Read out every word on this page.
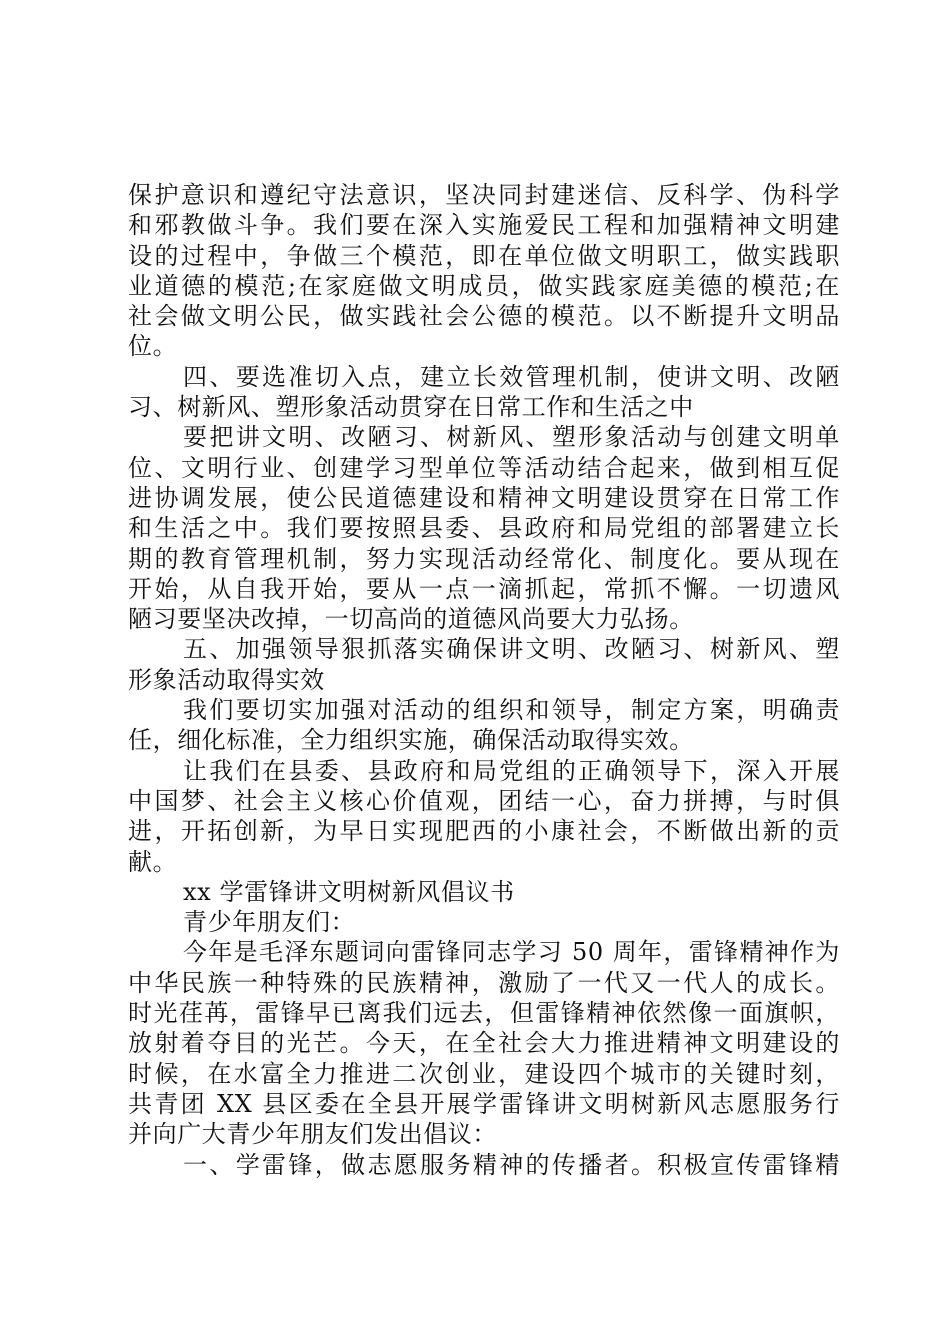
保护意识和遵纪守法意识，坚决同封建迷信、反科学、伪科学
和邪教做斗争。我们要在深入实施爱民工程和加强精神文明建
设的过程中，争做三个模范，即在单位做文明职工，做实践职
业道德的模范;在家庭做文明成员，做实践家庭美德的模范;在
社会做文明公民，做实践社会公德的模范。以不断提升文明品
位。
四、要选准切入点，建立长效管理机制，使讲文明、改陋
习、树新风、塑形象活动贯穿在日常工作和生活之中
要把讲文明、改陋习、树新风、塑形象活动与创建文明单
位、文明行业、创建学习型单位等活动结合起来，做到相互促
进协调发展，使公民道德建设和精神文明建设贯穿在日常工作
和生活之中。我们要按照县委、县政府和局党组的部署建立长
期的教育管理机制，努力实现活动经常化、制度化。要从现在
开始，从自我开始，要从一点一滴抓起，常抓不懈。一切遗风
陋习要坚决改掉，一切高尚的道德风尚要大力弘扬。
五、加强领导狠抓落实确保讲文明、改陋习、树新风、塑
形象活动取得实效
我们要切实加强对活动的组织和领导，制定方案，明确责
任，细化标准，全力组织实施，确保活动取得实效。
让我们在县委、县政府和局党组的正确领导下，深入开展
中国梦、社会主义核心价值观，团结一心，奋力拼搏，与时俱
进，开拓创新，为早日实现肥西的小康社会，不断做出新的贡
献。
xx 学雷锋讲文明树新风倡议书
青少年朋友们：
今年是毛泽东题词向雷锋同志学习 50 周年，雷锋精神作为
中华民族一种特殊的民族精神，激励了一代又一代人的成长。
时光荏苒，雷锋早已离我们远去，但雷锋精神依然像一面旗帜，
放射着夺目的光芒。今天，在全社会大力推进精神文明建设的
时候，在水富全力推进二次创业，建设四个城市的关键时刻，
共青团 XX 县区委在全县开展学雷锋讲文明树新风志愿服务行
并向广大青少年朋友们发出倡议：
一、学雷锋，做志愿服务精神的传播者。积极宣传雷锋精
